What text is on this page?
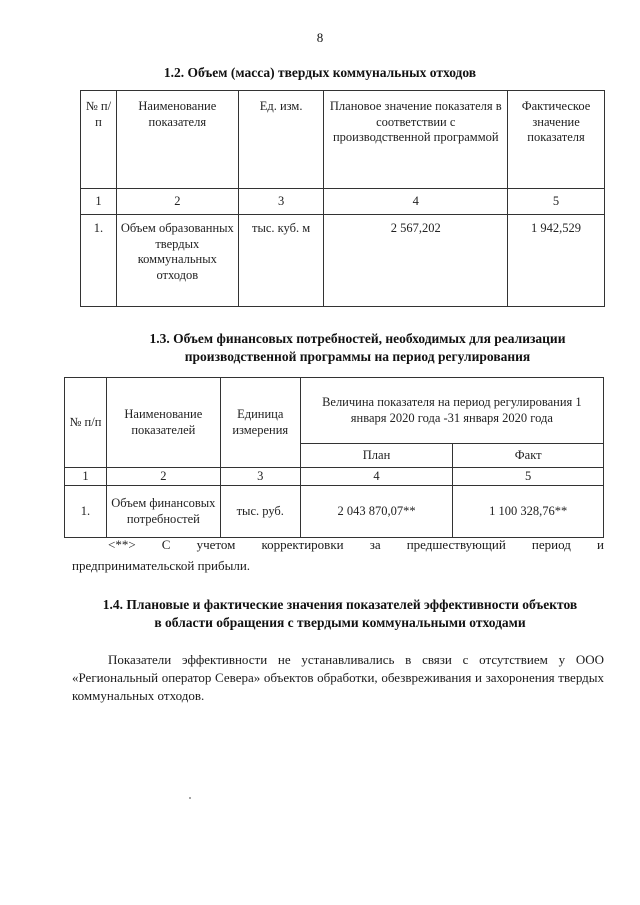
8
1.2. Объем (масса) твердых коммунальных отходов
№ п/п	Наименование показателя	Ед. изм.	Плановое значение показателя в соответствии с производственной программой	Фактическое значение показателя
1	2	3	4	5
1.	Объем образованных твердых коммунальных отходов	тыс. куб. м	2 567,202	1 942,529
1.3. Объем финансовых потребностей, необходимых для реализации
производственной программы на период регулирования
№ п/п	Наименование показателей	Единица измерения	Величина показателя на период регулирования 1 января 2020 года -31 января 2020 года	
			План	Факт
1	2	3	4	5
1.	Объем финансовых потребностей	тыс. руб.	2 043 870,07**	1 100 328,76**
<**> С учетом корректировки за предшествующий период и
предпринимательской прибыли.
1.4. Плановые и фактические значения показателей эффективности объектов
в области обращения с твердыми коммунальными отходами
Показатели эффективности не устанавливались в связи с отсутствием у ООО «Региональный оператор Севера» объектов обработки, обезвреживания и захоронения твердых коммунальных отходов.
